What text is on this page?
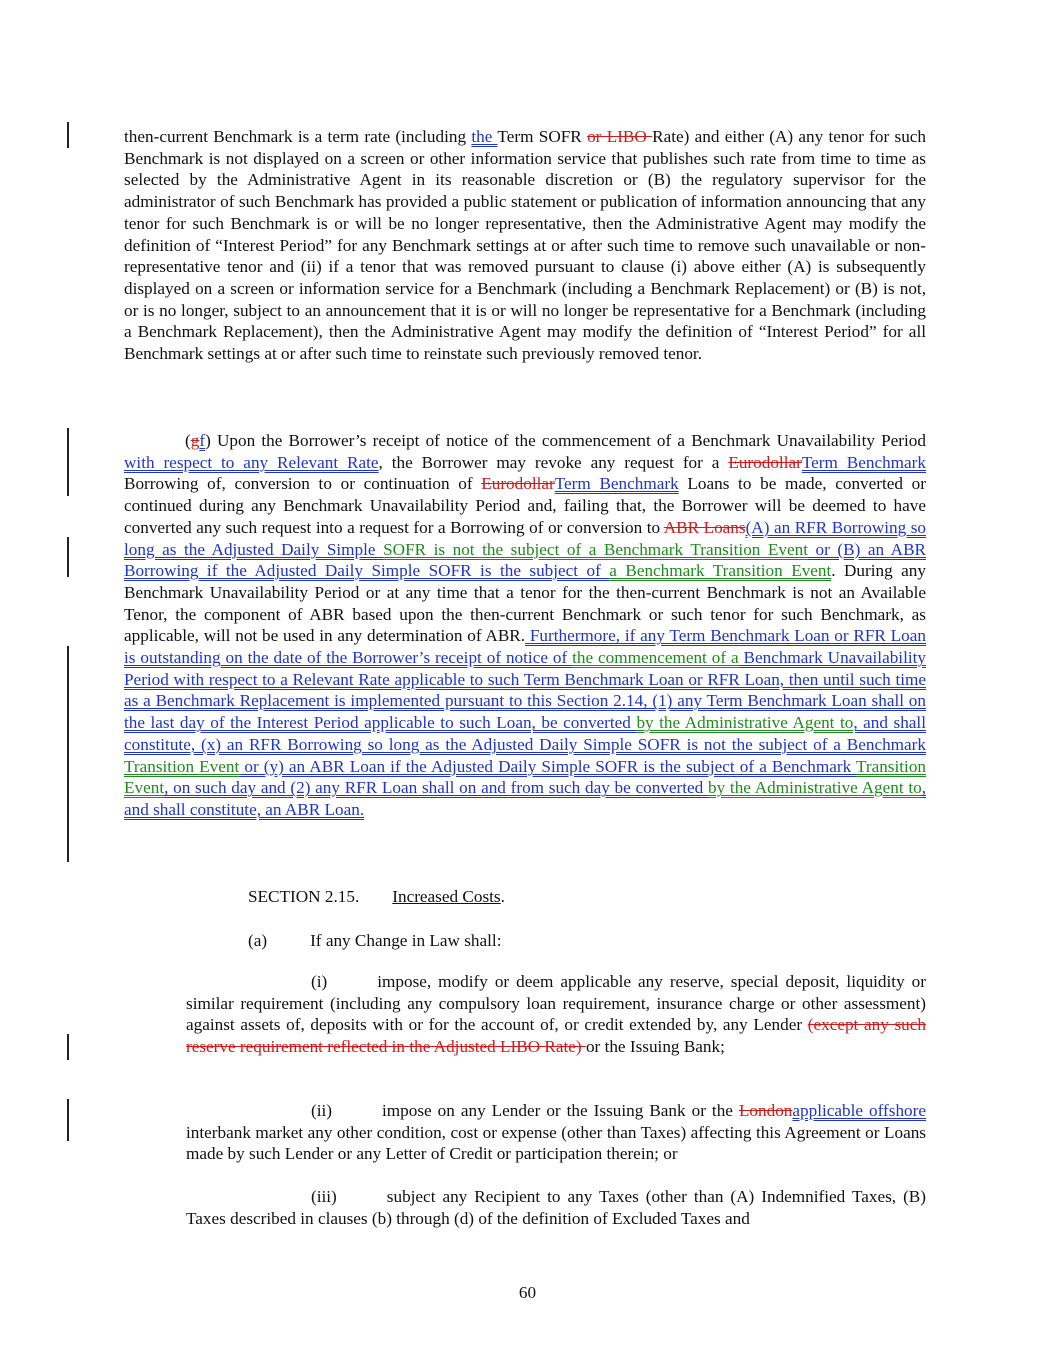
then-current Benchmark is a term rate (including the Term SOFR or LIBO Rate) and either (A) any tenor for such Benchmark is not displayed on a screen or other information service that publishes such rate from time to time as selected by the Administrative Agent in its reasonable discretion or (B) the regulatory supervisor for the administrator of such Benchmark has provided a public statement or publication of information announcing that any tenor for such Benchmark is or will be no longer representative, then the Administrative Agent may modify the definition of “Interest Period” for any Benchmark settings at or after such time to remove such unavailable or non-representative tenor and (ii) if a tenor that was removed pursuant to clause (i) above either (A) is subsequently displayed on a screen or information service for a Benchmark (including a Benchmark Replacement) or (B) is not, or is no longer, subject to an announcement that it is or will no longer be representative for a Benchmark (including a Benchmark Replacement), then the Administrative Agent may modify the definition of “Interest Period” for all Benchmark settings at or after such time to reinstate such previously removed tenor.
(gf) Upon the Borrower’s receipt of notice of the commencement of a Benchmark Unavailability Period with respect to any Relevant Rate, the Borrower may revoke any request for a EurodollarTerm Benchmark Borrowing of, conversion to or continuation of EurodollarTerm Benchmark Loans to be made, converted or continued during any Benchmark Unavailability Period and, failing that, the Borrower will be deemed to have converted any such request into a request for a Borrowing of or conversion to ABR Loans(A) an RFR Borrowing so long as the Adjusted Daily Simple SOFR is not the subject of a Benchmark Transition Event or (B) an ABR Borrowing if the Adjusted Daily Simple SOFR is the subject of a Benchmark Transition Event. During any Benchmark Unavailability Period or at any time that a tenor for the then-current Benchmark is not an Available Tenor, the component of ABR based upon the then-current Benchmark or such tenor for such Benchmark, as applicable, will not be used in any determination of ABR. Furthermore, if any Term Benchmark Loan or RFR Loan is outstanding on the date of the Borrower’s receipt of notice of the commencement of a Benchmark Unavailability Period with respect to a Relevant Rate applicable to such Term Benchmark Loan or RFR Loan, then until such time as a Benchmark Replacement is implemented pursuant to this Section 2.14, (1) any Term Benchmark Loan shall on the last day of the Interest Period applicable to such Loan, be converted by the Administrative Agent to, and shall constitute, (x) an RFR Borrowing so long as the Adjusted Daily Simple SOFR is not the subject of a Benchmark Transition Event or (y) an ABR Loan if the Adjusted Daily Simple SOFR is the subject of a Benchmark Transition Event, on such day and (2) any RFR Loan shall on and from such day be converted by the Administrative Agent to, and shall constitute, an ABR Loan.
SECTION 2.15. Increased Costs.
(a)	If any Change in Law shall:
(i)	impose, modify or deem applicable any reserve, special deposit, liquidity or similar requirement (including any compulsory loan requirement, insurance charge or other assessment) against assets of, deposits with or for the account of, or credit extended by, any Lender (except any such reserve requirement reflected in the Adjusted LIBO Rate) or the Issuing Bank;
(ii)	impose on any Lender or the Issuing Bank or the Londonapplicable offshore interbank market any other condition, cost or expense (other than Taxes) affecting this Agreement or Loans made by such Lender or any Letter of Credit or participation therein; or
(iii)	subject any Recipient to any Taxes (other than (A) Indemnified Taxes, (B) Taxes described in clauses (b) through (d) of the definition of Excluded Taxes and
60
